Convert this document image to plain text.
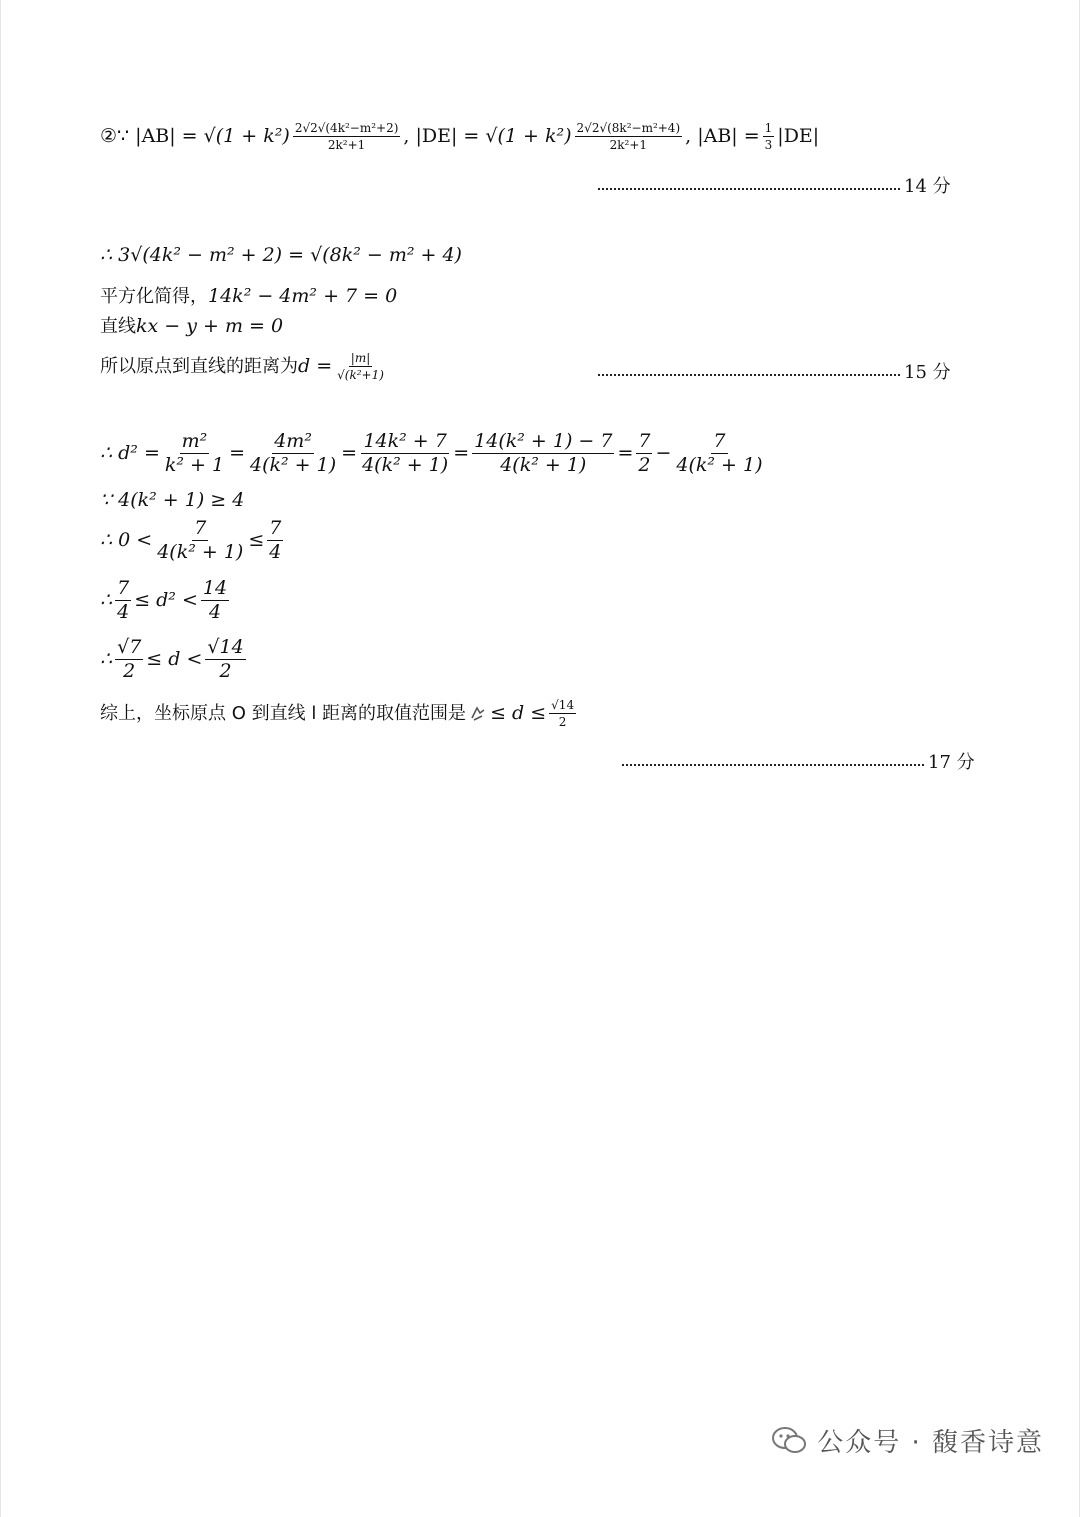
②∵ |AB| =
$√(1 + k^2) \frac{\text{2√2√(4k²−m²+2)}}{\text{2k²+1}}$ , |DE| =
$√(1 + k^2) \frac{\text{2√2√(8k²−m²+4)}}{\text{2k²+1}}$ , $|AB| = \frac{1}{3} |DE|$
14 分
∴ 3√(4k² − m² + 2) = √(8k² − m² + 4)
平方化简得， 14k² − 4m² + 7 = 0
直线 kx − y + m = 0
所以原点到直线的距离为 $d = \frac{|m|}{\text{√(k²+1)}}$	15 分
∴ $d^2 = \frac{\text{m²}}{\text{k² + 1}} = \frac{\text{4m²}}{\text{4(k² + 1)}} = \frac{\text{14k² + 7}}{\text{4(k² + 1)}} = \frac{\text{14(k² + 1) − 7}}{\text{4(k² + 1)}} = \frac{7}{2} - \frac{7}{\text{4(k² + 1)}}$
∵ 4(k² + 1) ≥ 4
∴ $0 < \frac{7}{\text{4(k² + 1)}} \le \frac{7}{4}$
∴ $\frac{7}{4} \le d^2 < \frac{14}{4}$
∴ $\frac{√7}{2} \le d < \frac{√14}{2}$
综上，坐标原点 O 到直线 l 距离的取值范围是 ≤ $d \le \frac{√14}{2}$
17 分
公众号 · 馥香诗意
